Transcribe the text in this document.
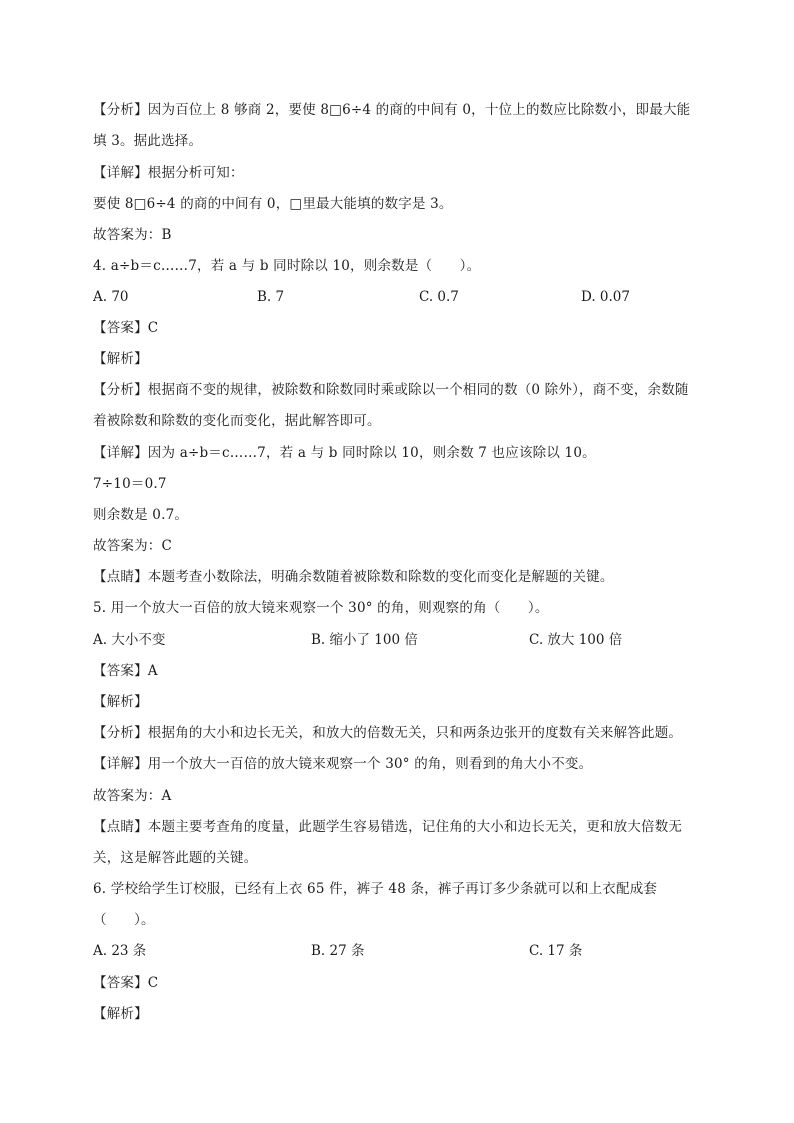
【分析】因为百位上 8 够商 2，要使 8□6÷4 的商的中间有 0，十位上的数应比除数小，即最大能
填 3。据此选择。
【详解】根据分析可知：
要使 8□6÷4 的商的中间有 0，□里最大能填的数字是 3。
故答案为：B
4. a÷b＝c……7，若 a 与 b 同时除以 10，则余数是（　　）。
A. 70	B. 7	C. 0.7	D. 0.07
【答案】C
【解析】
【分析】根据商不变的规律，被除数和除数同时乘或除以一个相同的数（0 除外），商不变，余数随
着被除数和除数的变化而变化，据此解答即可。
【详解】因为 a÷b＝c……7，若 a 与 b 同时除以 10，则余数 7 也应该除以 10。
7÷10＝0.7
则余数是 0.7。
故答案为：C
【点睛】本题考查小数除法，明确余数随着被除数和除数的变化而变化是解题的关键。
5. 用一个放大一百倍的放大镜来观察一个 30° 的角，则观察的角（　　）。
A. 大小不变	B. 缩小了 100 倍	C. 放大 100 倍
【答案】A
【解析】
【分析】根据角的大小和边长无关，和放大的倍数无关，只和两条边张开的度数有关来解答此题。
【详解】用一个放大一百倍的放大镜来观察一个 30° 的角，则看到的角大小不变。
故答案为：A
【点睛】本题主要考查角的度量，此题学生容易错选，记住角的大小和边长无关，更和放大倍数无
关，这是解答此题的关键。
6. 学校给学生订校服，已经有上衣 65 件，裤子 48 条，裤子再订多少条就可以和上衣配成套
（　　）。
A. 23 条	B. 27 条	C. 17 条
【答案】C
【解析】
